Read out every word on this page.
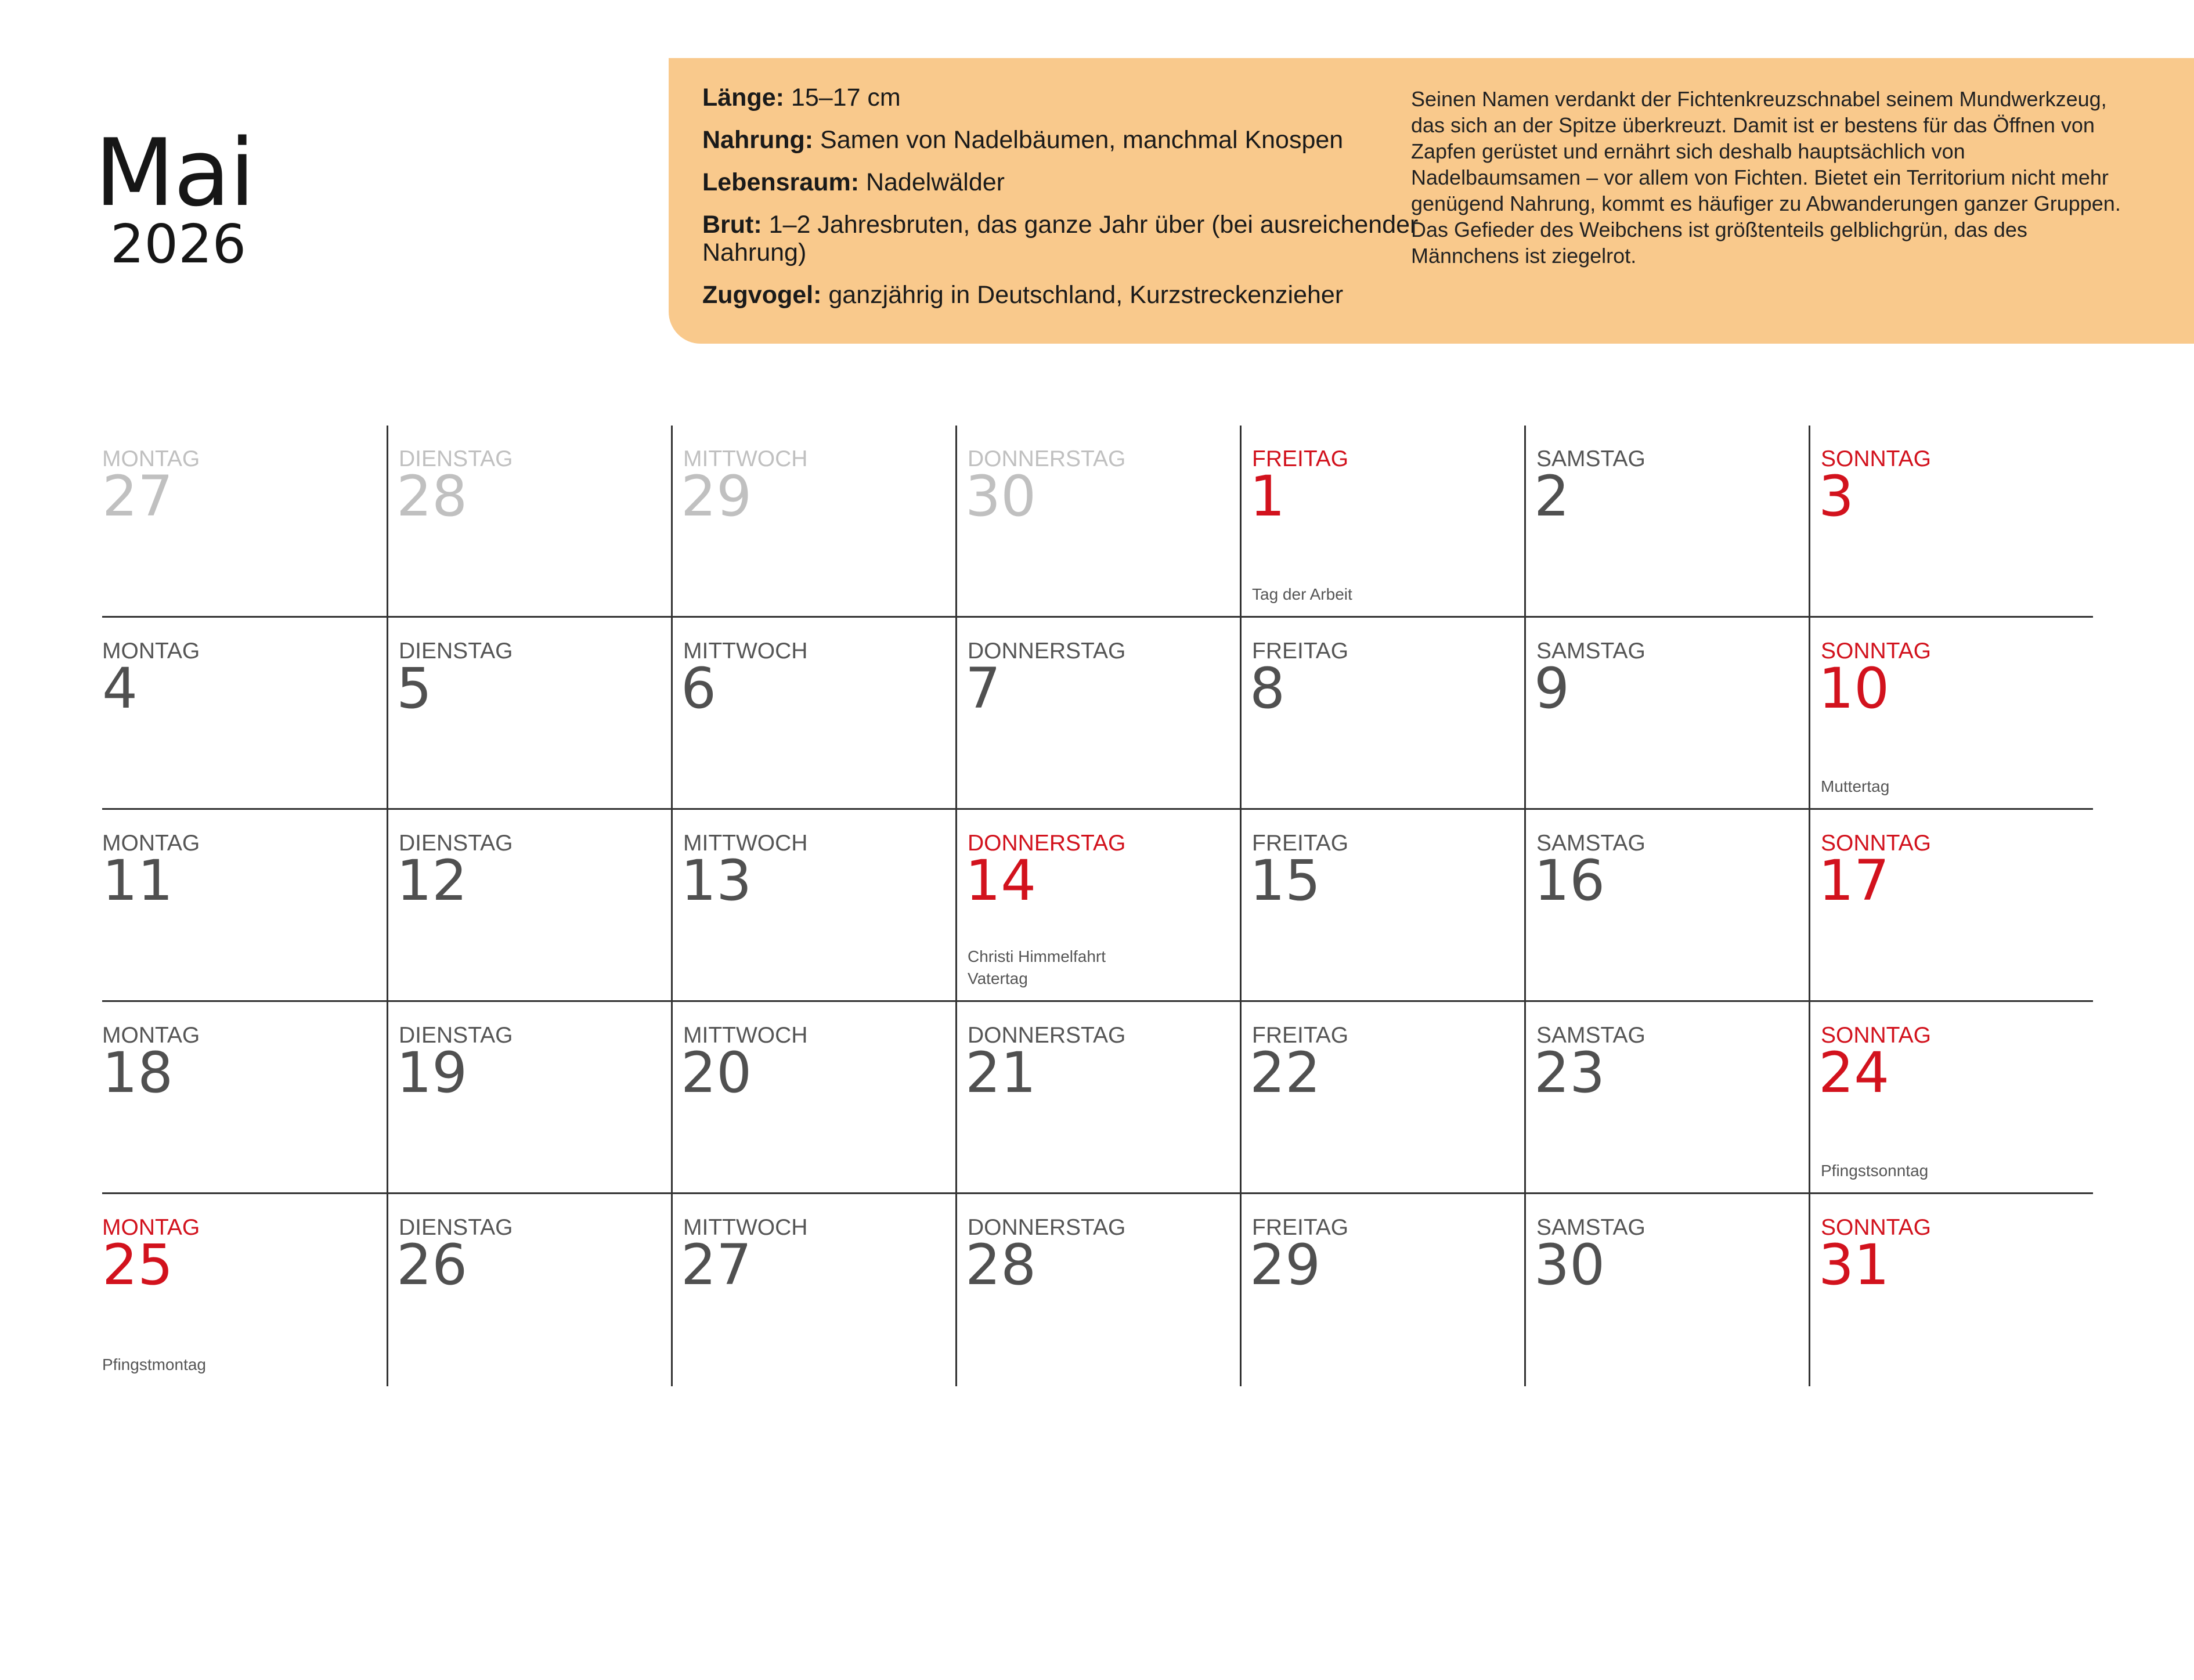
Mai
2026
Länge: 15–17 cm
Nahrung: Samen von Nadelbäumen, manchmal Knospen
Lebensraum: Nadelwälder
Brut: 1–2 Jahresbruten, das ganze Jahr über (bei ausreichender Nahrung)
Zugvogel: ganzjährig in Deutschland, Kurzstreckenzieher
Seinen Namen verdankt der Fichtenkreuzschnabel seinem Mundwerkzeug, das sich an der Spitze überkreuzt. Damit ist er bestens für das Öffnen von Zapfen gerüstet und ernährt sich deshalb hauptsächlich von Nadelbaumsamen – vor allem von Fichten. Bietet ein Territorium nicht mehr genügend Nahrung, kommt es häufiger zu Abwanderungen ganzer Gruppen. Das Gefieder des Weibchens ist größtenteils gelblichgrün, das des Männchens ist ziegelrot.
MONTAG
27
DIENSTAG
28
MITTWOCH
29
DONNERSTAG
30
FREITAG
1
Tag der Arbeit
SAMSTAG
2
SONNTAG
3
MONTAG
4
DIENSTAG
5
MITTWOCH
6
DONNERSTAG
7
FREITAG
8
SAMSTAG
9
SONNTAG
10
Muttertag
MONTAG
11
DIENSTAG
12
MITTWOCH
13
DONNERSTAG
14
Christi Himmelfahrt
Vatertag
FREITAG
15
SAMSTAG
16
SONNTAG
17
MONTAG
18
DIENSTAG
19
MITTWOCH
20
DONNERSTAG
21
FREITAG
22
SAMSTAG
23
SONNTAG
24
Pfingstsonntag
MONTAG
25
Pfingstmontag
DIENSTAG
26
MITTWOCH
27
DONNERSTAG
28
FREITAG
29
SAMSTAG
30
SONNTAG
31
